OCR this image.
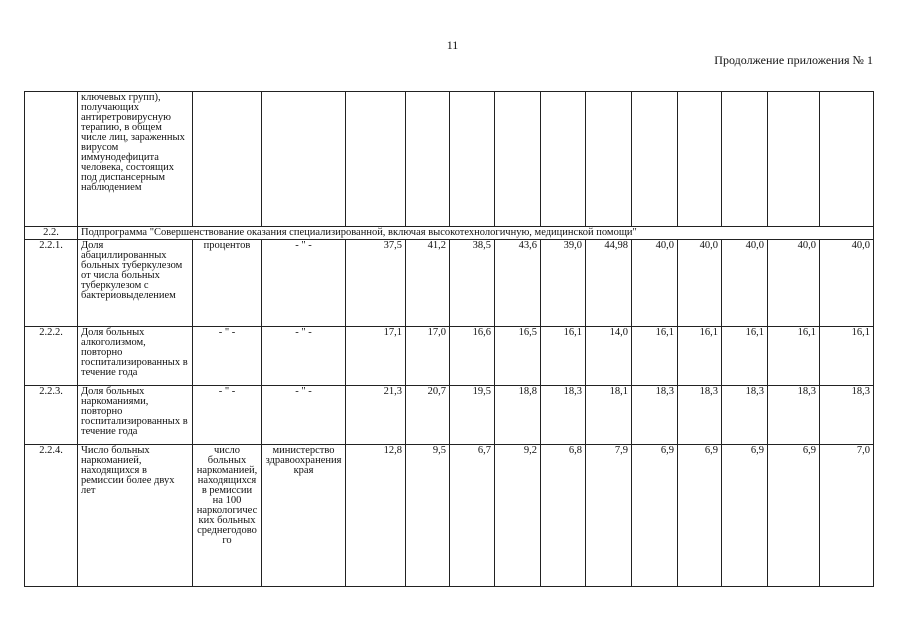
11
Продолжение приложения № 1
	ключевых групп), получающих антиретровирусную терапию, в общем числе лиц, зараженных вирусом иммунодефицита человека, состоящих под диспансерным наблюдением													
2.2.	Подпрограмма "Совершенствование оказания специализированной, включая высокотехнологичную, медицинской помощи"													
2.2.1.	Доля абациллированных больных туберкулезом от числа больных туберкулезом с бактериовыделением	процентов	- " -	37,5	41,2	38,5	43,6	39,0	44,98	40,0	40,0	40,0	40,0	40,0
2.2.2.	Доля больных алкоголизмом, повторно госпитализированных в течение года	- " -	- " -	17,1	17,0	16,6	16,5	16,1	14,0	16,1	16,1	16,1	16,1	16,1
2.2.3.	Доля больных наркоманиями, повторно госпитализированных в течение года	- " -	- " -	21,3	20,7	19,5	18,8	18,3	18,1	18,3	18,3	18,3	18,3	18,3
2.2.4.	Число больных наркоманией, находящихся в ремиссии более двух лет	число больных наркоманией, находящихся в ремиссии на 100 наркологических больных среднегодового	министерство здравоохранения края	12,8	9,5	6,7	9,2	6,8	7,9	6,9	6,9	6,9	6,9	7,0
